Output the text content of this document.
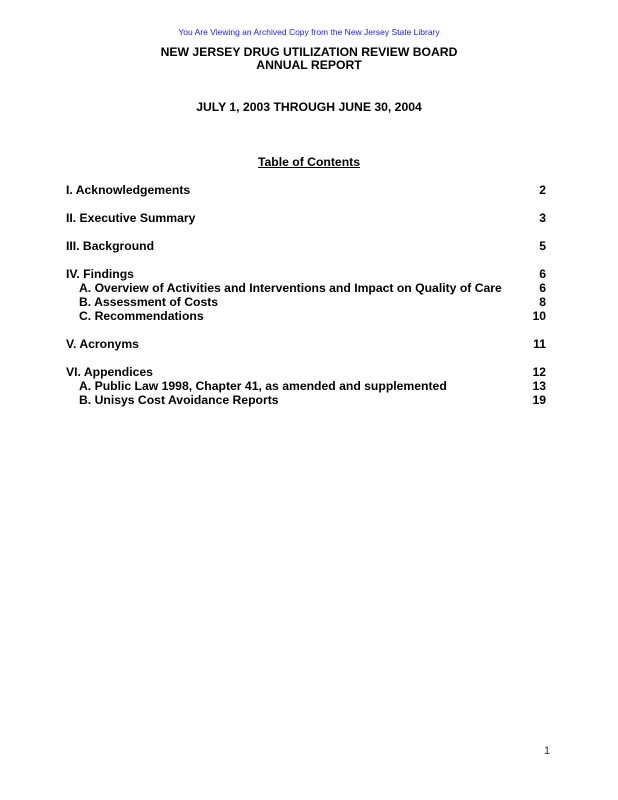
You Are Viewing an Archived Copy from the New Jersey State Library
NEW JERSEY DRUG UTILIZATION REVIEW BOARD
ANNUAL REPORT
JULY 1, 2003 THROUGH JUNE 30, 2004
Table of Contents
I. Acknowledgements	2
II. Executive Summary	3
III. Background	5
IV. Findings	6
A. Overview of Activities and Interventions and Impact on Quality of Care	6
B. Assessment of Costs	8
C. Recommendations	10
V. Acronyms	11
VI. Appendices	12
A. Public Law 1998, Chapter 41, as amended and supplemented	13
B. Unisys Cost Avoidance Reports	19
1
